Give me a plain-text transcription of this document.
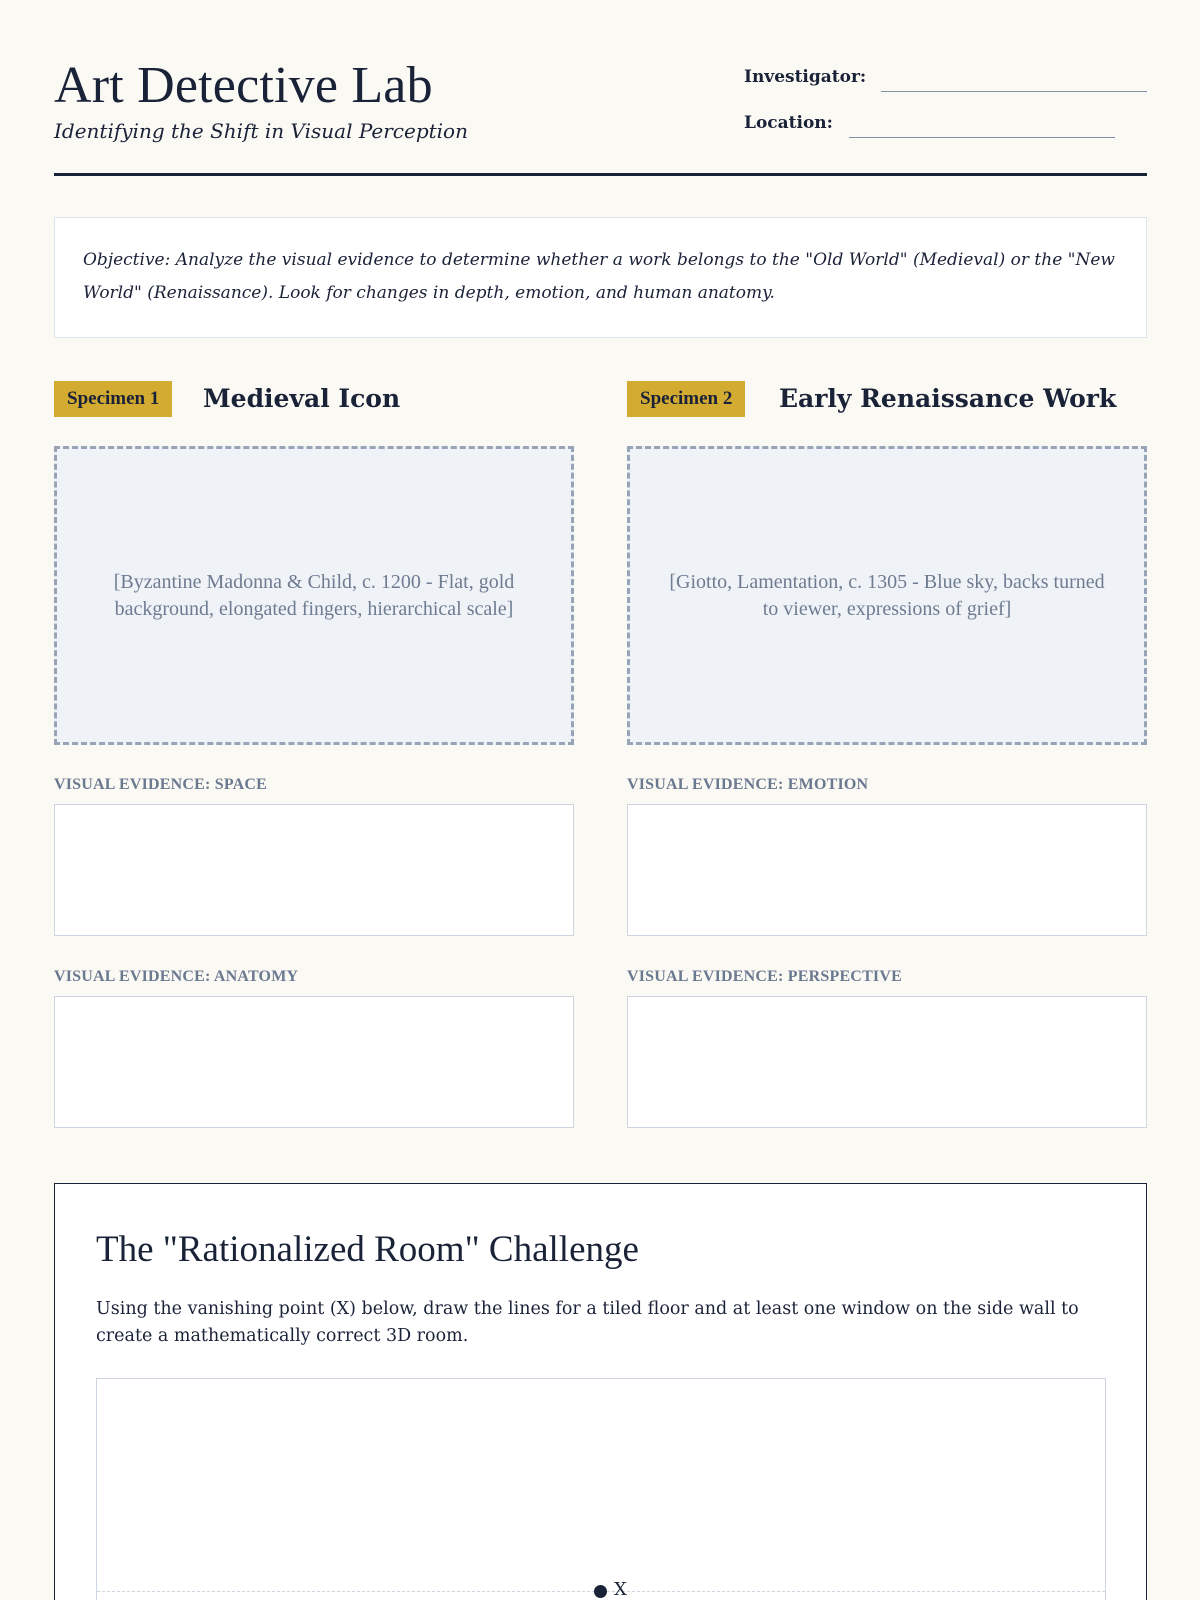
Art Detective Lab
Identifying the Shift in Visual Perception
Investigator:
Location:
Objective: Analyze the visual evidence to determine whether a work belongs to the "Old World" (Medieval) or the "New World" (Renaissance). Look for changes in depth, emotion, and human anatomy.
Specimen 1	Medieval Icon
[Byzantine Madonna & Child, c. 1200 - Flat, gold background, elongated fingers, hierarchical scale]
Specimen 2	Early Renaissance Work
[Giotto, Lamentation, c. 1305 - Blue sky, backs turned to viewer, expressions of grief]
VISUAL EVIDENCE: SPACE	VISUAL EVIDENCE: EMOTION
VISUAL EVIDENCE: ANATOMY	VISUAL EVIDENCE: PERSPECTIVE
The "Rationalized Room" Challenge
Using the vanishing point (X) below, draw the lines for a tiled floor and at least one window on the side wall to create a mathematically correct 3D room.
X
